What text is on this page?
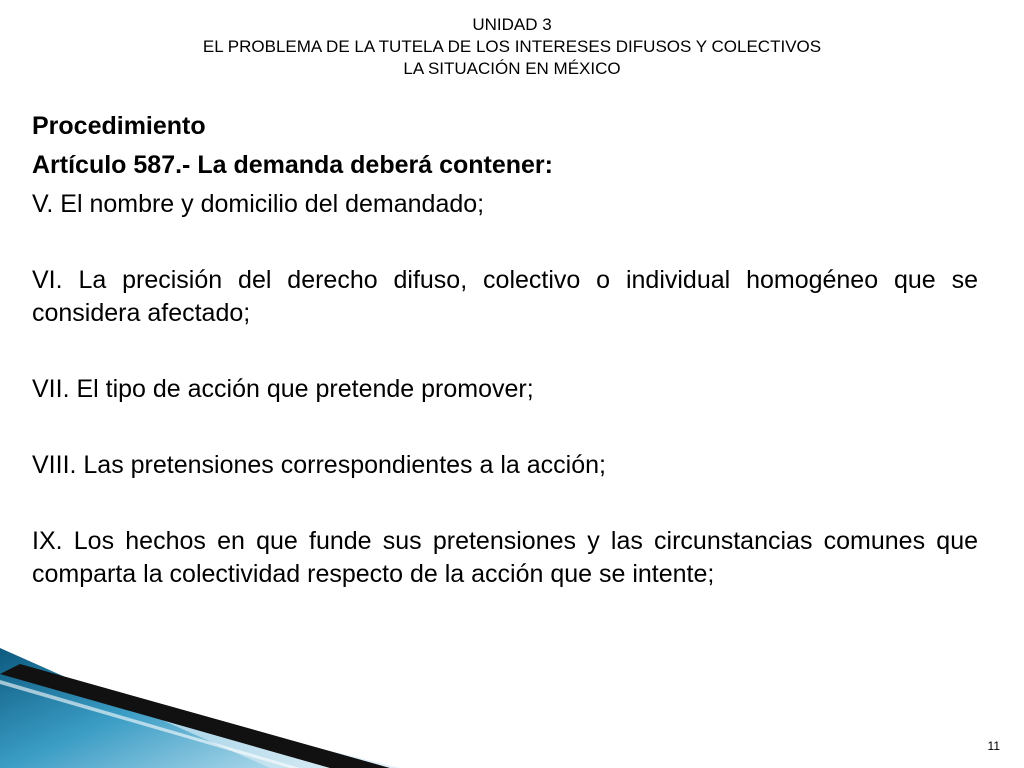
UNIDAD 3
EL PROBLEMA DE LA TUTELA DE LOS INTERESES DIFUSOS Y COLECTIVOS
LA SITUACIÓN EN MÉXICO
Procedimiento
Artículo 587.- La demanda deberá contener:

V. El nombre y domicilio del demandado;

VI. La precisión del derecho difuso, colectivo o individual homogéneo que se considera afectado;

VII. El tipo de acción que pretende promover;

VIII. Las pretensiones correspondientes a la acción;

IX. Los hechos en que funde sus pretensiones y las circunstancias comunes que comparta la colectividad respecto de la acción que se intente;

11
